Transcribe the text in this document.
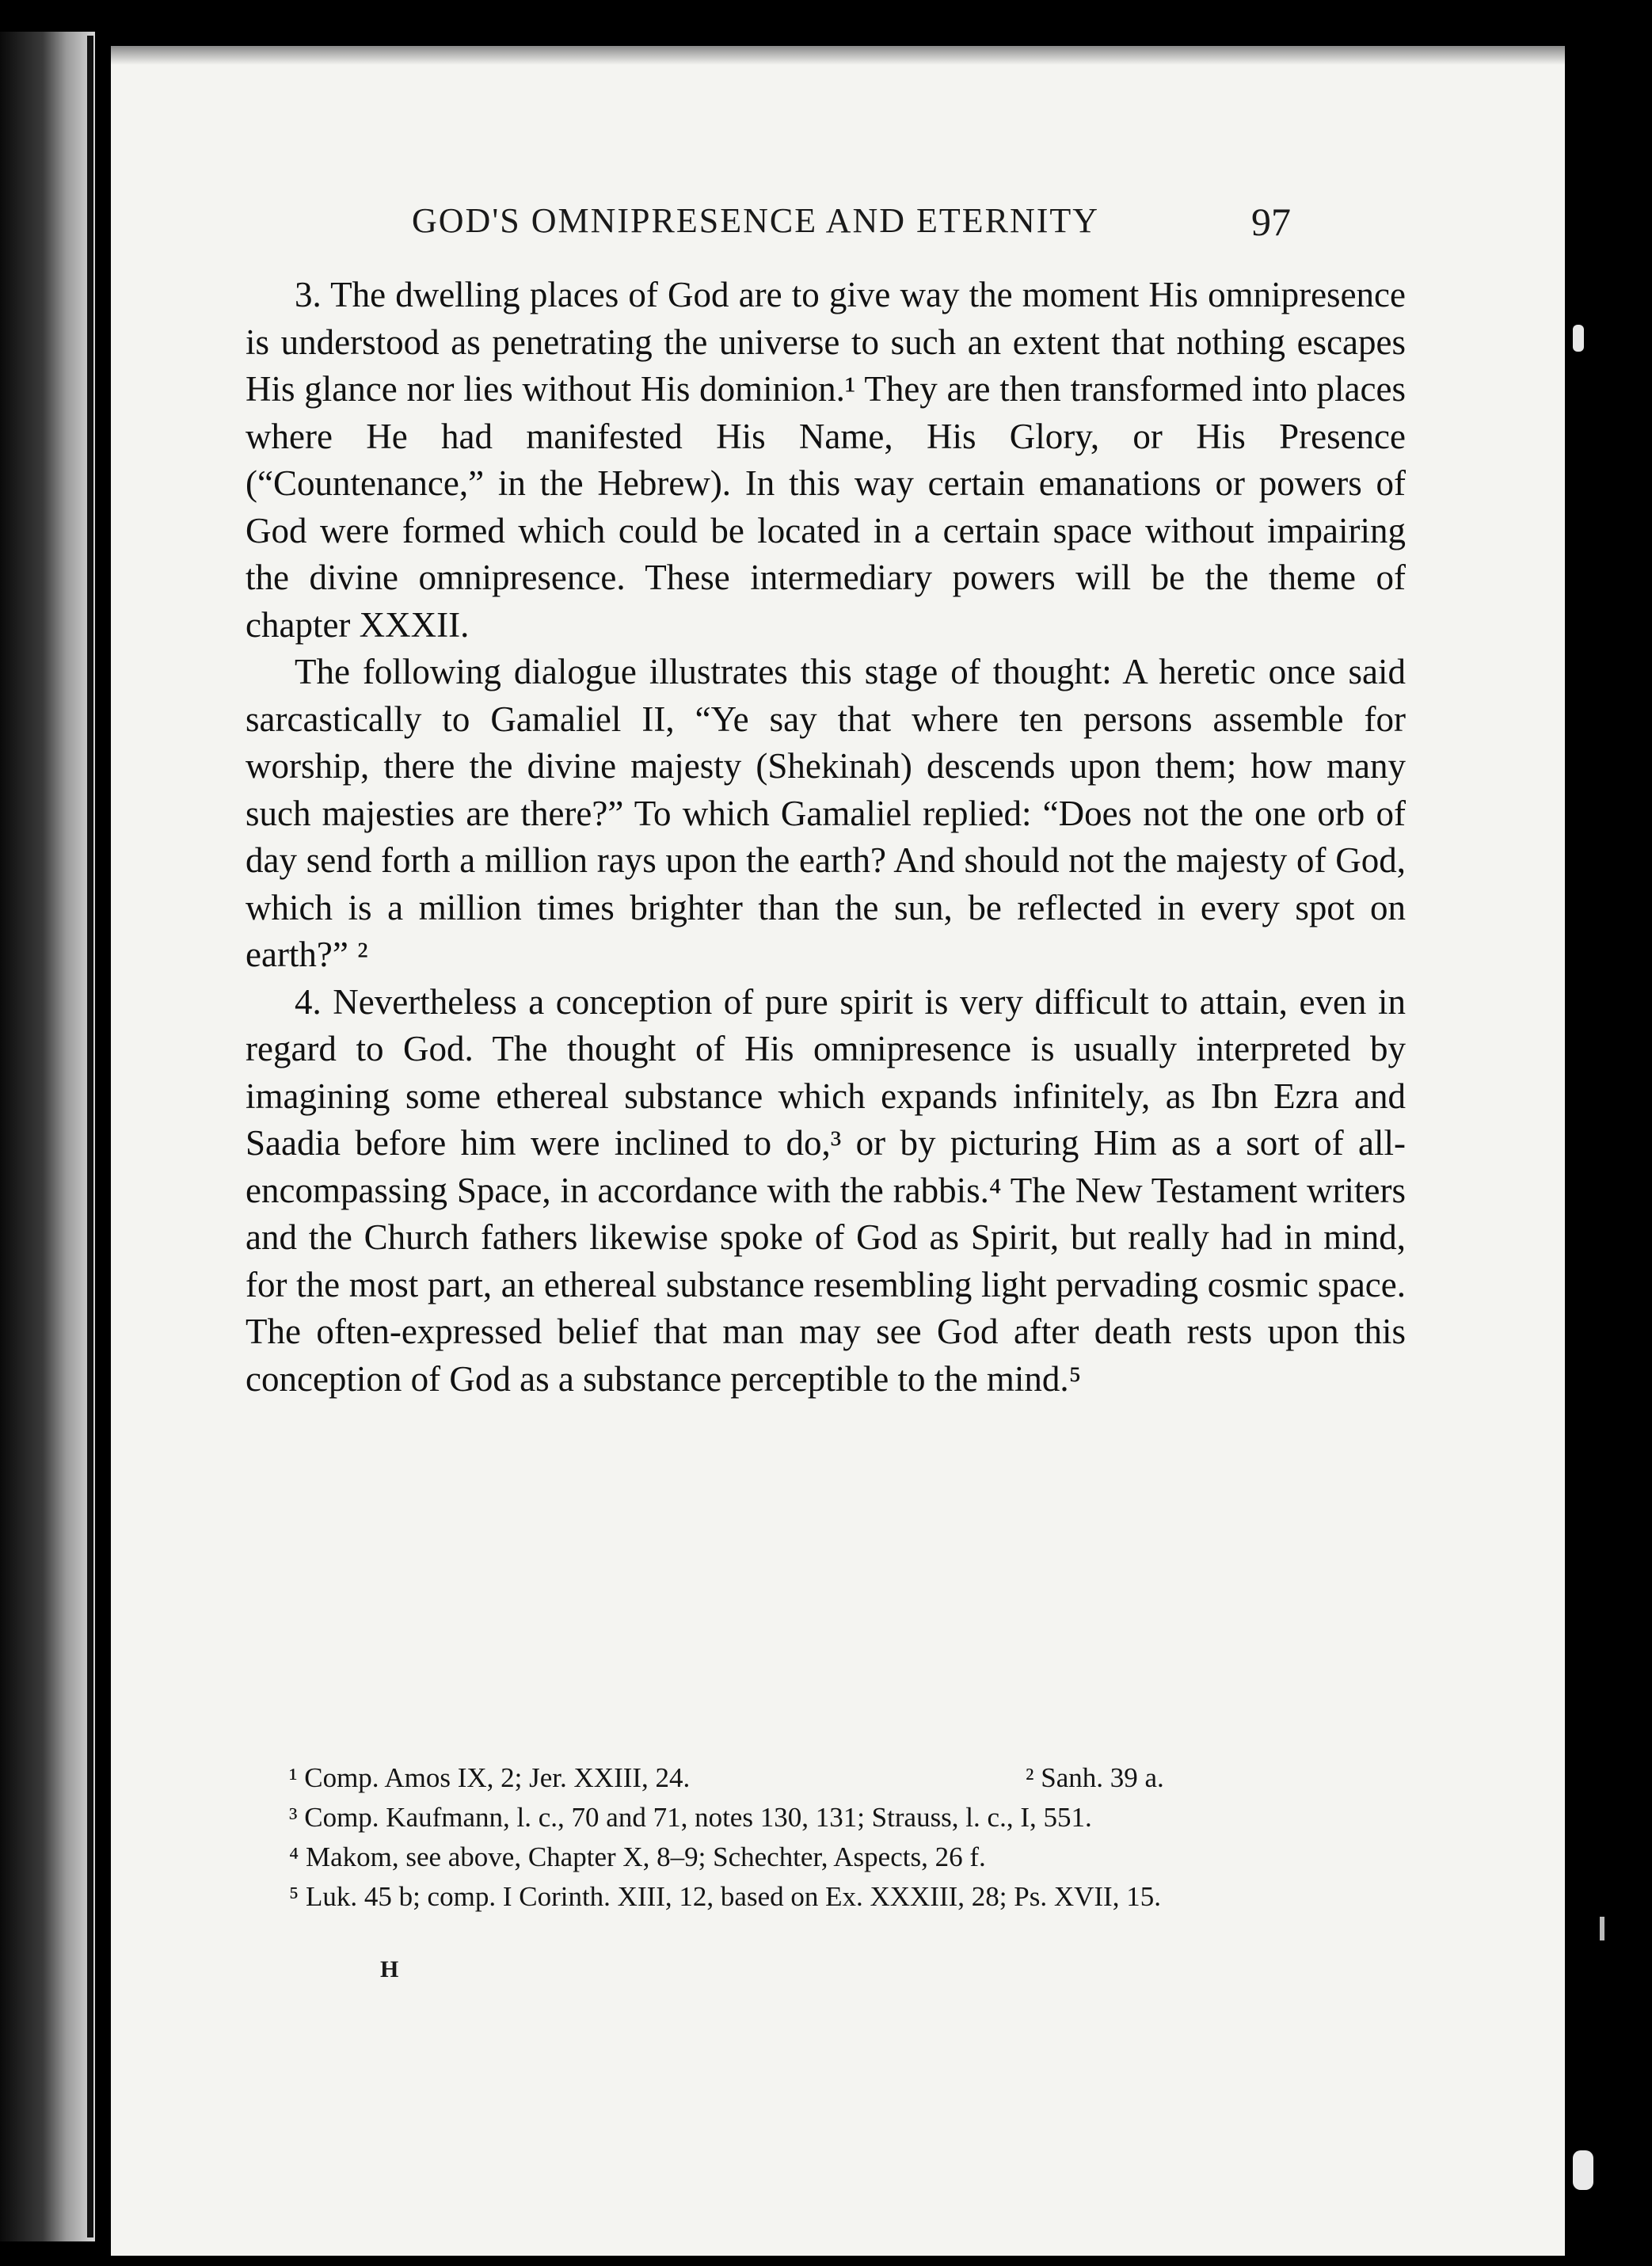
GOD'S OMNIPRESENCE AND ETERNITY	97

3. The dwelling places of God are to give way the moment His omnipresence is understood as penetrating the universe to such an extent that nothing escapes His glance nor lies without His dominion.¹ They are then transformed into places where He had manifested His Name, His Glory, or His Presence (“Countenance,” in the Hebrew). In this way certain emanations or powers of God were formed which could be located in a certain space without impairing the divine omnipresence. These intermediary powers will be the theme of chapter XXXII.

The following dialogue illustrates this stage of thought: A heretic once said sarcastically to Gamaliel II, “Ye say that where ten persons assemble for worship, there the divine majesty (Shekinah) descends upon them; how many such majesties are there?” To which Gamaliel replied: “Does not the one orb of day send forth a million rays upon the earth? And should not the majesty of God, which is a million times brighter than the sun, be reflected in every spot on earth?” ²

4. Nevertheless a conception of pure spirit is very difficult to attain, even in regard to God. The thought of His omnipresence is usually interpreted by imagining some ethereal substance which expands infinitely, as Ibn Ezra and Saadia before him were inclined to do,³ or by picturing Him as a sort of all-encompassing Space, in accordance with the rabbis.⁴ The New Testament writers and the Church fathers likewise spoke of God as Spirit, but really had in mind, for the most part, an ethereal substance resembling light pervading cosmic space. The often-expressed belief that man may see God after death rests upon this conception of God as a substance perceptible to the mind.⁵

¹ Comp. Amos IX, 2; Jer. XXIII, 24.	² Sanh. 39 a.
³ Comp. Kaufmann, l. c., 70 and 71, notes 130, 131; Strauss, l. c., I, 551.
⁴ Makom, see above, Chapter X, 8–9; Schechter, Aspects, 26 f.
⁵ Luk. 45 b; comp. I Corinth. XIII, 12, based on Ex. XXXIII, 28; Ps. XVII, 15.
H
